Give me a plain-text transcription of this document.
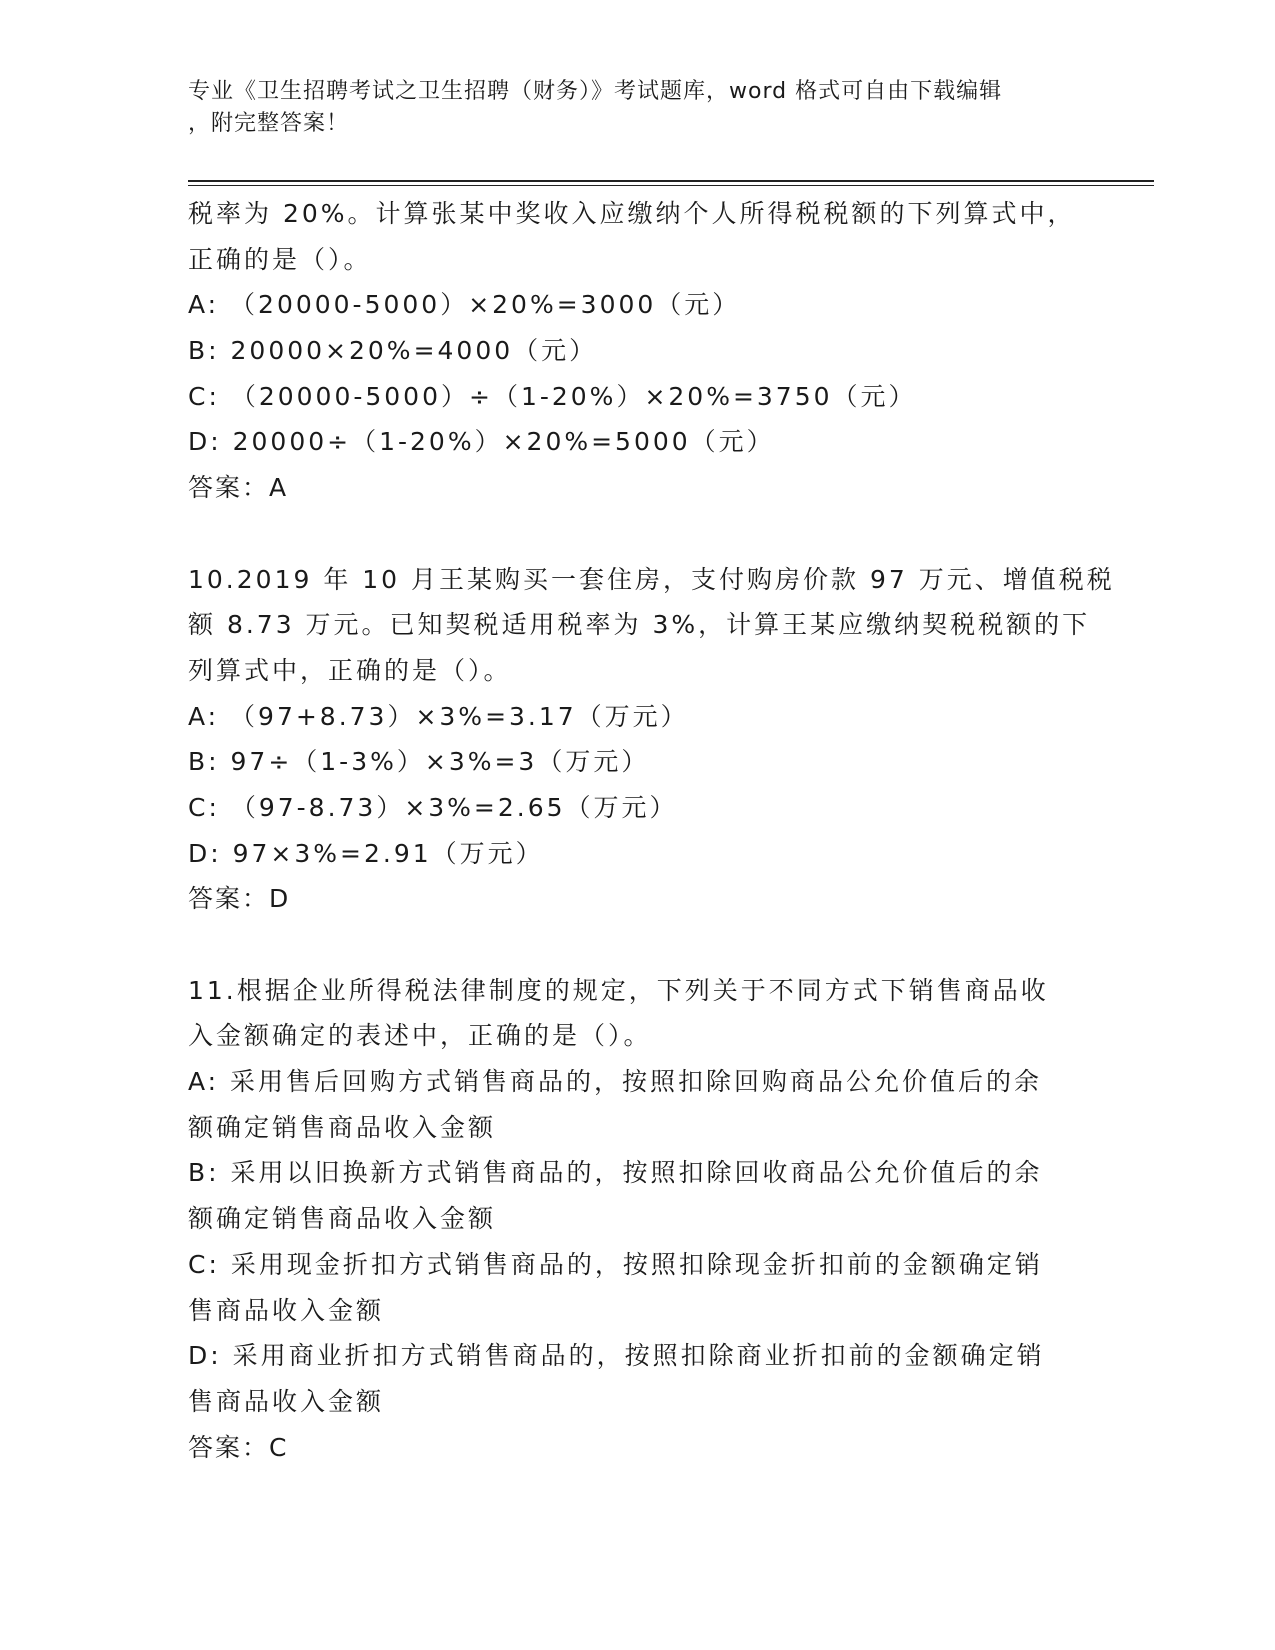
专业《卫生招聘考试之卫生招聘（财务）》考试题库，word 格式可自由下载编辑
，附完整答案！
税率为 20%。计算张某中奖收入应缴纳个人所得税税额的下列算式中，
正确的是（）。
A: （20000-5000）×20%=3000（元）
B: 20000×20%=4000（元）
C: （20000-5000）÷（1-20%）×20%=3750（元）
D: 20000÷（1-20%）×20%=5000（元）
答案：A
10.2019 年 10 月王某购买一套住房，支付购房价款 97 万元、增值税税
额 8.73 万元。已知契税适用税率为 3%，计算王某应缴纳契税税额的下
列算式中，正确的是（）。
A: （97+8.73）×3%=3.17（万元）
B: 97÷（1-3%）×3%=3（万元）
C: （97-8.73）×3%=2.65（万元）
D: 97×3%=2.91（万元）
答案：D
11.根据企业所得税法律制度的规定，下列关于不同方式下销售商品收
入金额确定的表述中，正确的是（）。
A: 采用售后回购方式销售商品的，按照扣除回购商品公允价值后的余
额确定销售商品收入金额
B: 采用以旧换新方式销售商品的，按照扣除回收商品公允价值后的余
额确定销售商品收入金额
C: 采用现金折扣方式销售商品的，按照扣除现金折扣前的金额确定销
售商品收入金额
D: 采用商业折扣方式销售商品的，按照扣除商业折扣前的金额确定销
售商品收入金额
答案：C
